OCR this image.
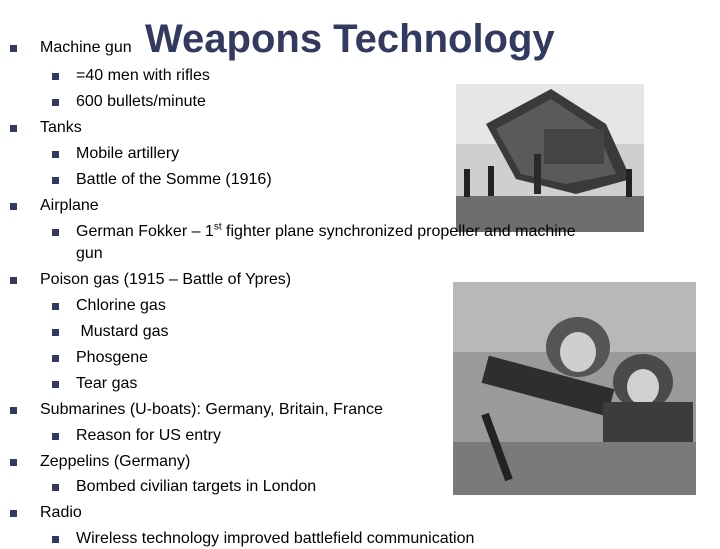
Weapons Technology
Machine gun
=40 men with rifles
600 bullets/minute
Tanks
Mobile artillery
Battle of the Somme (1916)
Airplane
German Fokker – 1st fighter plane synchronized propeller and machine
gun
Poison gas (1915 – Battle of Ypres)
Chlorine gas
Mustard gas
Phosgene
Tear gas
Submarines (U-boats): Germany, Britain, France
Reason for US entry
Zeppelins (Germany)
Bombed civilian targets in London
Radio
Wireless technology improved battlefield communication
